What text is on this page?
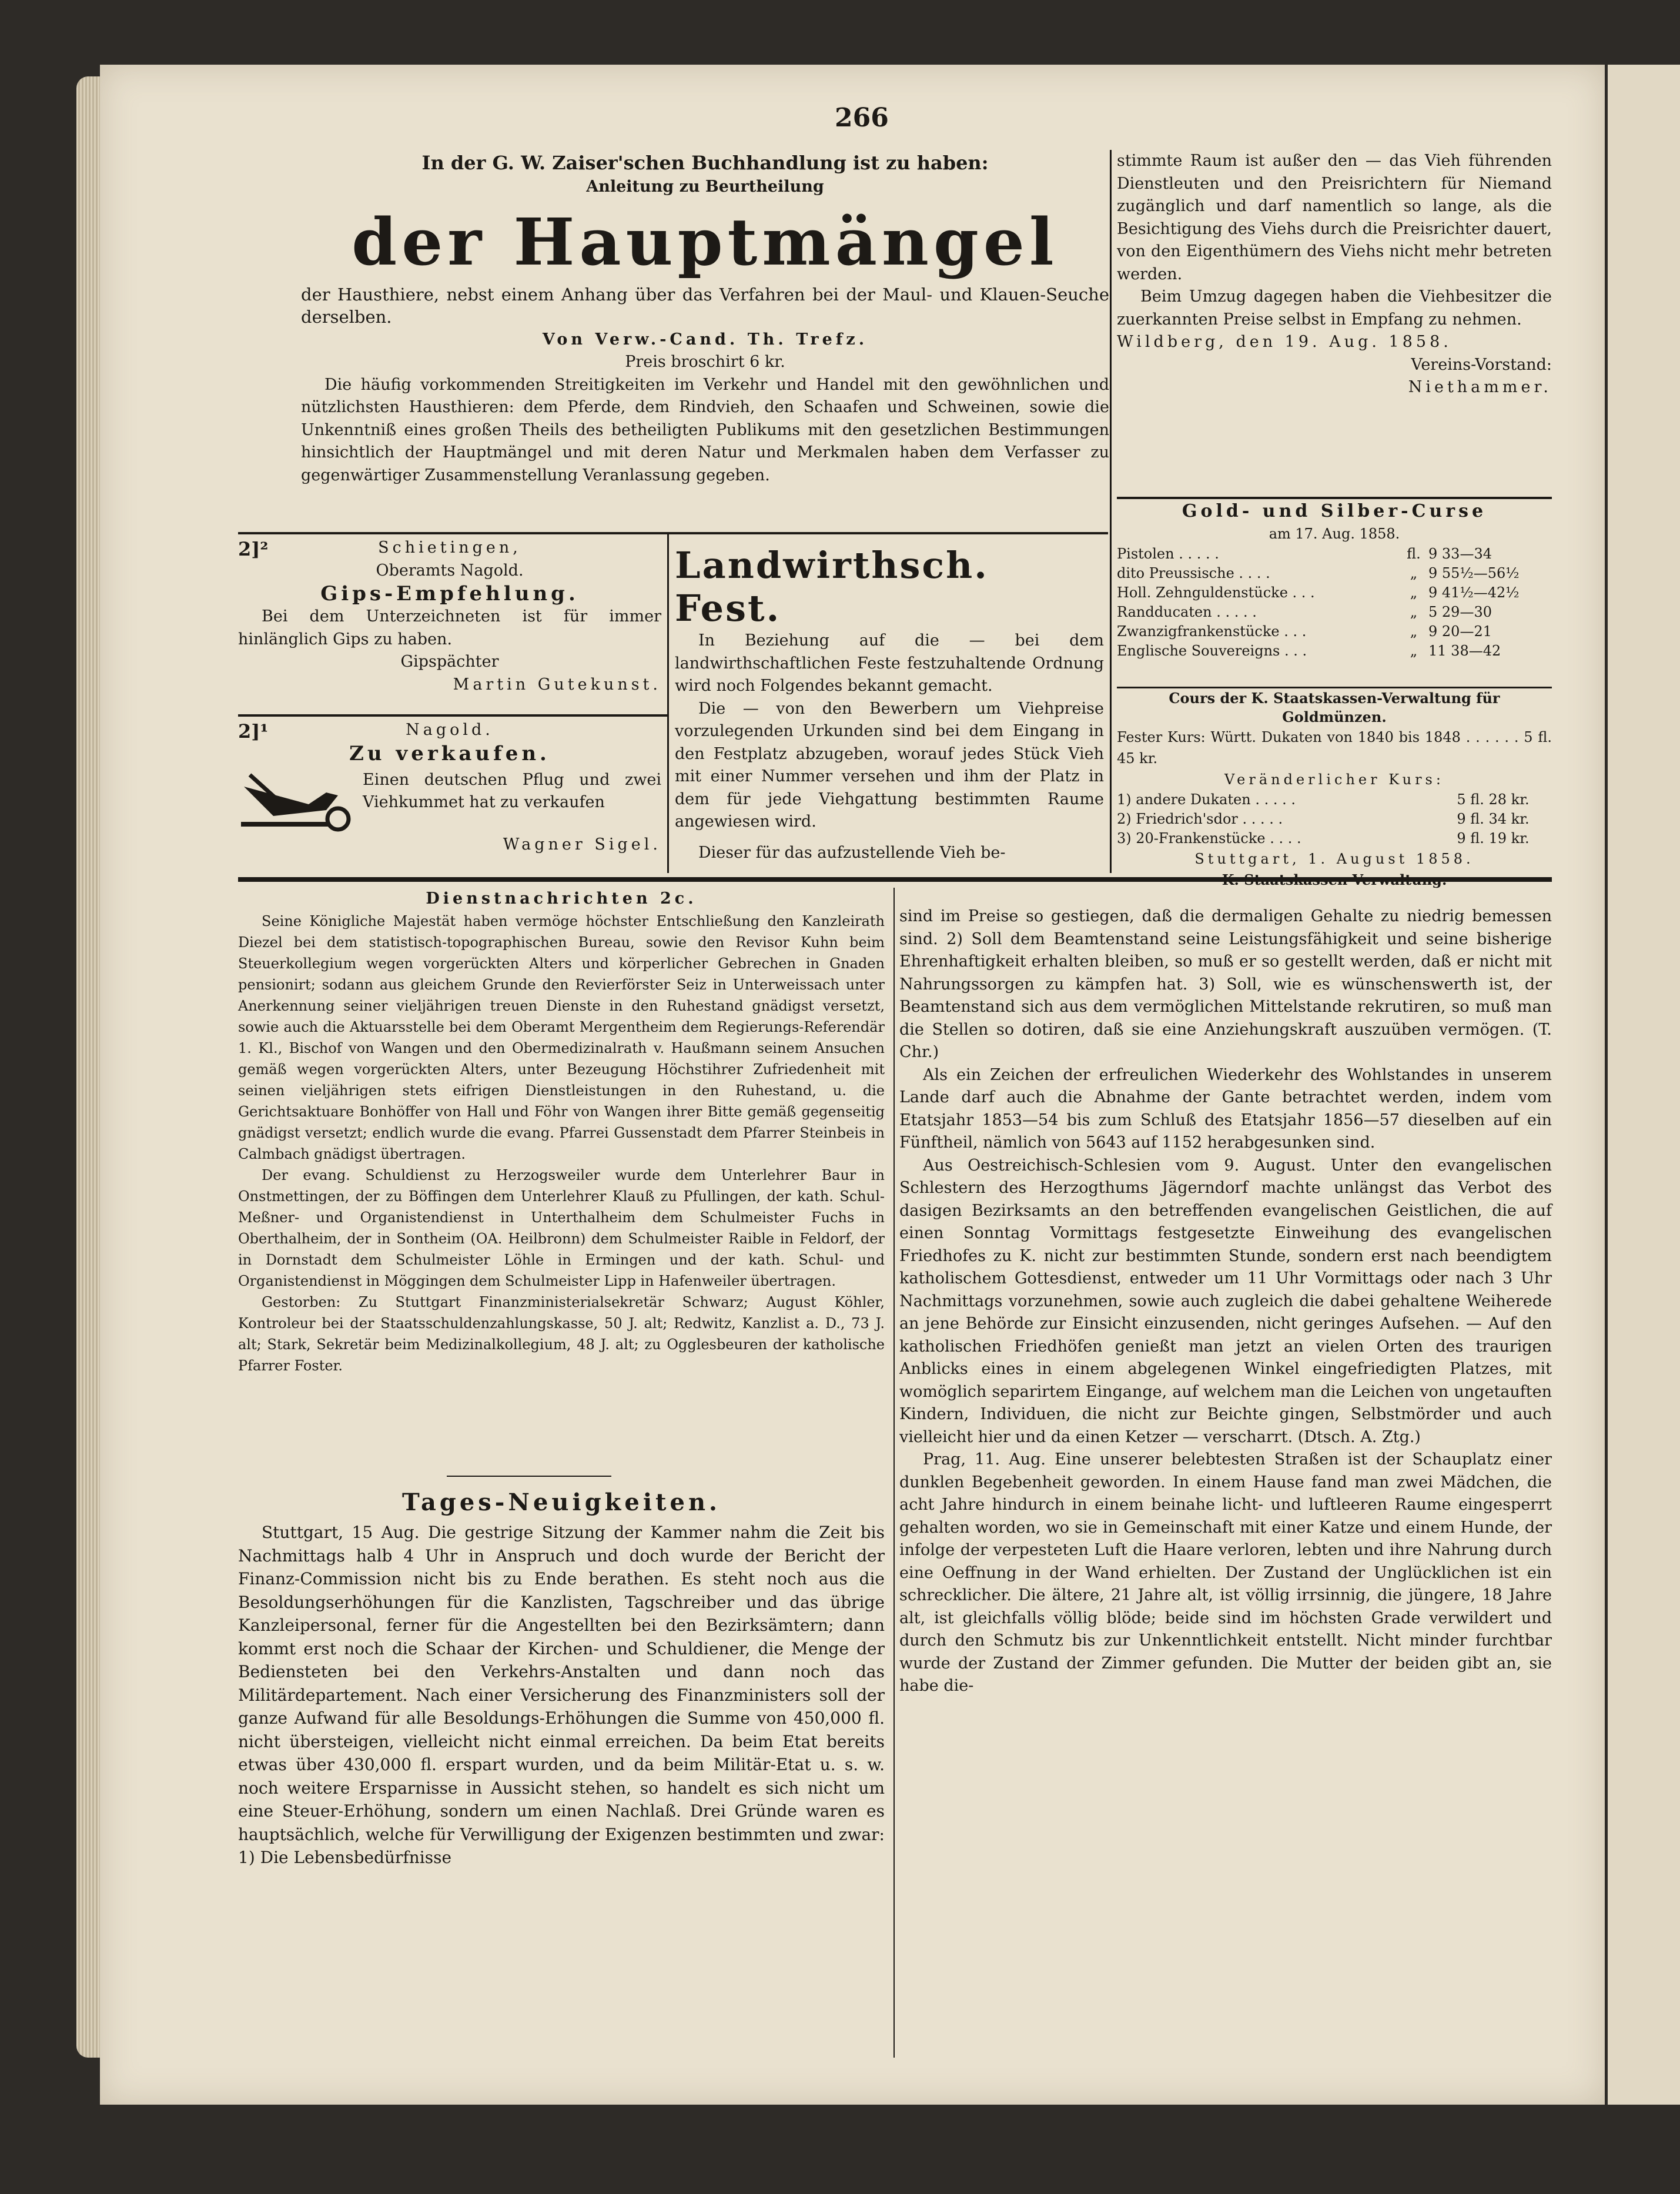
266

In der G. W. Zaiser'schen Buchhandlung ist zu haben:

Anleitung zu Beurtheilung

der Hauptmängel

der Hausthiere, nebst einem Anhang über das Verfahren bei der Maul- und Klauen-Seuche derselben.

Von Verw.-Cand. Th. Trefz.

Preis broschirt 6 kr.

Die häufig vorkommenden Streitigkeiten im Verkehr und Handel mit den gewöhnlichen und nützlichsten Hausthieren: dem Pferde, dem Rindvieh, den Schaafen und Schweinen, sowie die Unkenntniß eines großen Theils des betheiligten Publikums mit den gesetzlichen Bestimmungen hinsichtlich der Hauptmängel und mit deren Natur und Merkmalen haben dem Verfasser zu gegenwärtiger Zusammenstellung Veranlassung gegeben.

2]²	Schietingen,

Oberamts Nagold.

Gips-Empfehlung.

Bei dem Unterzeichneten ist für immer hinlänglich Gips zu haben.

Gipspächter

Martin Gutekunst.

2]¹	Nagold.

Zu verkaufen.

Einen deutschen Pflug und zwei Viehkummet hat zu verkaufen

Wagner Sigel.

Landwirthsch. Fest.

In Beziehung auf die — bei dem landwirthschaftlichen Feste festzuhaltende Ordnung wird noch Folgendes bekannt gemacht.

Die — von den Bewerbern um Viehpreise vorzulegenden Urkunden sind bei dem Eingang in den Festplatz abzugeben, worauf jedes Stück Vieh mit einer Nummer versehen und ihm der Platz in dem für jede Viehgattung bestimmten Raume angewiesen wird.

Dieser für das aufzustellende Vieh be-

stimmte Raum ist außer den — das Vieh führenden Dienstleuten und den Preisrichtern für Niemand zugänglich und darf namentlich so lange, als die Besichtigung des Viehs durch die Preisrichter dauert, von den Eigenthümern des Viehs nicht mehr betreten werden.

Beim Umzug dagegen haben die Viehbesitzer die zuerkannten Preise selbst in Empfang zu nehmen.

Wildberg, den 19. Aug. 1858.

Vereins-Vorstand:

Niethammer.

Gold- und Silber-Curse

am 17. Aug. 1858.

Pistolen . . . . .	fl. 9 33—34
dito Preussische . . . .	„ 9 55½—56½
Holl. Zehnguldenstücke . . .	„ 9 41½—42½
Randducaten . . . . .	„ 5 29—30
Zwanzigfrankenstücke . . .	„ 9 20—21
Englische Souvereigns . . .	„ 11 38—42

Cours der K. Staatskassen-Verwaltung für Goldmünzen.

Fester Kurs: Württ. Dukaten von 1840 bis 1848 . . . . . . 5 fl. 45 kr.

Veränderlicher Kurs:

1) andere Dukaten . . . . .	5 fl. 28 kr.
2) Friedrich'sdor . . . . .	9 fl. 34 kr.
3) 20-Frankenstücke . . . .	9 fl. 19 kr.

Stuttgart, 1. August 1858.

Dienstnachrichten 2c.

Seine Königliche Majestät haben vermöge höchster Entschließung den Kanzleirath Diezel bei dem statistisch-topographischen Bureau, sowie den Revisor Kuhn beim Steuerkollegium wegen vorgerückten Alters und körperlicher Gebrechen in Gnaden pensionirt; sodann aus gleichem Grunde den Revierförster Seiz in Unterweissach unter Anerkennung seiner vieljährigen treuen Dienste in den Ruhestand gnädigst versetzt, sowie auch die Aktuarsstelle bei dem Oberamt Mergentheim dem Regierungs-Referendär 1. Kl., Bischof von Wangen und den Obermedizinalrath v. Haußmann seinem Ansuchen gemäß wegen vorgerückten Alters, unter Bezeugung Höchstihrer Zufriedenheit mit seinen vieljährigen stets eifrigen Dienstleistungen in den Ruhestand, u. die Gerichtsaktuare Bonhöffer von Hall und Föhr von Wangen ihrer Bitte gemäß gegenseitig gnädigst versetzt; endlich wurde die evang. Pfarrei Gussenstadt dem Pfarrer Steinbeis in Calmbach gnädigst übertragen.

Der evang. Schuldienst zu Herzogsweiler wurde dem Unterlehrer Baur in Onstmettingen, der zu Böffingen dem Unterlehrer Klauß zu Pfullingen, der kath. Schul- Meßner- und Organistendienst in Unterthalheim dem Schulmeister Fuchs in Oberthalheim, der in Sontheim (OA. Heilbronn) dem Schulmeister Raible in Feldorf, der in Dornstadt dem Schulmeister Löhle in Ermingen und der kath. Schul- und Organistendienst in Möggingen dem Schulmeister Lipp in Hafenweiler übertragen.

Gestorben: Zu Stuttgart Finanzministerialsekretär Schwarz; August Köhler, Kontroleur bei der Staatsschuldenzahlungskasse, 50 J. alt; Redwitz, Kanzlist a. D., 73 J. alt; Stark, Sekretär beim Medizinalkollegium, 48 J. alt; zu Ogglesbeuren der katholische Pfarrer Foster.

Tages-Neuigkeiten.

Stuttgart, 15 Aug. Die gestrige Sitzung der Kammer nahm die Zeit bis Nachmittags halb 4 Uhr in Anspruch und doch wurde der Bericht der Finanz-Commission nicht bis zu Ende berathen. Es steht noch aus die Besoldungserhöhungen für die Kanzlisten, Tagschreiber und das übrige Kanzleipersonal, ferner für die Angestellten bei den Bezirksämtern; dann kommt erst noch die Schaar der Kirchen- und Schuldiener, die Menge der Bediensteten bei den Verkehrs-Anstalten und dann noch das Militärdepartement. Nach einer Versicherung des Finanzministers soll der ganze Aufwand für alle Besoldungs-Erhöhungen die Summe von 450,000 fl. nicht übersteigen, vielleicht nicht einmal erreichen. Da beim Etat bereits etwas über 430,000 fl. erspart wurden, und da beim Militär-Etat u. s. w. noch weitere Ersparnisse in Aussicht stehen, so handelt es sich nicht um eine Steuer-Erhöhung, sondern um einen Nachlaß. Drei Gründe waren es hauptsächlich, welche für Verwilligung der Exigenzen bestimmten und zwar: 1) Die Lebensbedürfnisse

sind im Preise so gestiegen, daß die dermaligen Gehalte zu niedrig bemessen sind. 2) Soll dem Beamtenstand seine Leistungsfähigkeit und seine bisherige Ehrenhaftigkeit erhalten bleiben, so muß er so gestellt werden, daß er nicht mit Nahrungssorgen zu kämpfen hat. 3) Soll, wie es wünschenswerth ist, der Beamtenstand sich aus dem vermöglichen Mittelstande rekrutiren, so muß man die Stellen so dotiren, daß sie eine Anziehungskraft auszuüben vermögen. (T. Chr.)

Als ein Zeichen der erfreulichen Wiederkehr des Wohlstandes in unserem Lande darf auch die Abnahme der Gante betrachtet werden, indem vom Etatsjahr 1853—54 bis zum Schluß des Etatsjahr 1856—57 dieselben auf ein Fünftheil, nämlich von 5643 auf 1152 herabgesunken sind.

Aus Oestreichisch-Schlesien vom 9. August. Unter den evangelischen Schlestern des Herzogthums Jägerndorf machte unlängst das Verbot des dasigen Bezirksamts an den betreffenden evangelischen Geistlichen, die auf einen Sonntag Vormittags festgesetzte Einweihung des evangelischen Friedhofes zu K. nicht zur bestimmten Stunde, sondern erst nach beendigtem katholischem Gottesdienst, entweder um 11 Uhr Vormittags oder nach 3 Uhr Nachmittags vorzunehmen, sowie auch zugleich die dabei gehaltene Weiherede an jene Behörde zur Einsicht einzusenden, nicht geringes Aufsehen. — Auf den katholischen Friedhöfen genießt man jetzt an vielen Orten des traurigen Anblicks eines in einem abgelegenen Winkel eingefriedigten Platzes, mit womöglich separirtem Eingange, auf welchem man die Leichen von ungetauften Kindern, Individuen, die nicht zur Beichte gingen, Selbstmörder und auch vielleicht hier und da einen Ketzer — verscharrt. (Dtsch. A. Ztg.)

Prag, 11. Aug. Eine unserer belebtesten Straßen ist der Schauplatz einer dunklen Begebenheit geworden. In einem Hause fand man zwei Mädchen, die acht Jahre hindurch in einem beinahe licht- und luftleeren Raume eingesperrt gehalten worden, wo sie in Gemeinschaft mit einer Katze und einem Hunde, der infolge der verpesteten Luft die Haare verloren, lebten und ihre Nahrung durch eine Oeffnung in der Wand erhielten. Der Zustand der Unglücklichen ist ein schrecklicher. Die ältere, 21 Jahre alt, ist völlig irrsinnig, die jüngere, 18 Jahre alt, ist gleichfalls völlig blöde; beide sind im höchsten Grade verwildert und durch den Schmutz bis zur Unkenntlichkeit entstellt. Nicht minder furchtbar wurde der Zustand der Zimmer gefunden. Die Mutter der beiden gibt an, sie habe die-
